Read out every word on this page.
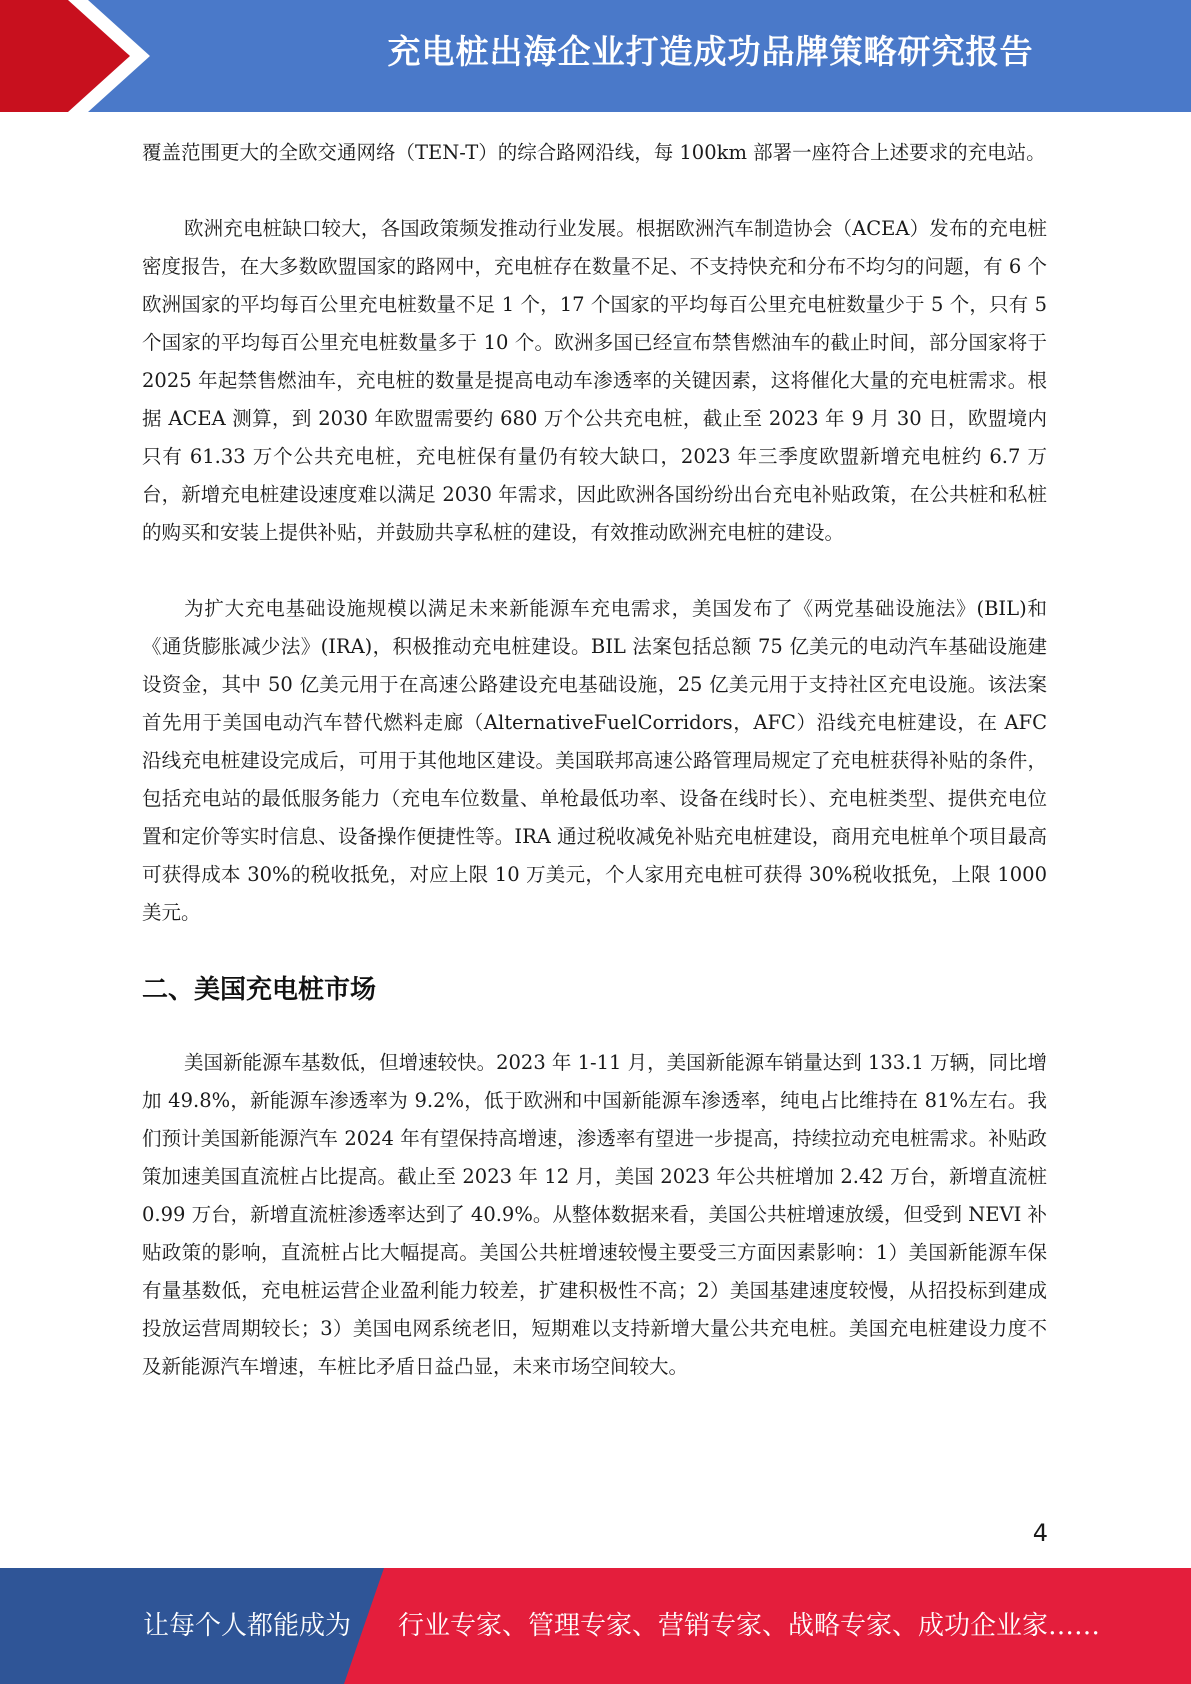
充电桩出海企业打造成功品牌策略研究报告

覆盖范围更大的全欧交通网络（TEN-T）的综合路网沿线，每 100km 部署一座符合上述要求的充电站。

欧洲充电桩缺口较大，各国政策频发推动行业发展。根据欧洲汽车制造协会（ACEA）发布的充电桩密度报告，在大多数欧盟国家的路网中，充电桩存在数量不足、不支持快充和分布不均匀的问题，有 6 个欧洲国家的平均每百公里充电桩数量不足 1 个，17 个国家的平均每百公里充电桩数量少于 5 个，只有 5 个国家的平均每百公里充电桩数量多于 10 个。欧洲多国已经宣布禁售燃油车的截止时间，部分国家将于 2025 年起禁售燃油车，充电桩的数量是提高电动车渗透率的关键因素，这将催化大量的充电桩需求。根据 ACEA 测算，到 2030 年欧盟需要约 680 万个公共充电桩，截止至 2023 年 9 月 30 日，欧盟境内只有 61.33 万个公共充电桩，充电桩保有量仍有较大缺口，2023 年三季度欧盟新增充电桩约 6.7 万台，新增充电桩建设速度难以满足 2030 年需求，因此欧洲各国纷纷出台充电补贴政策，在公共桩和私桩的购买和安装上提供补贴，并鼓励共享私桩的建设，有效推动欧洲充电桩的建设。

为扩大充电基础设施规模以满足未来新能源车充电需求，美国发布了《两党基础设施法》(BIL)和《通货膨胀减少法》(IRA)，积极推动充电桩建设。BIL 法案包括总额 75 亿美元的电动汽车基础设施建设资金，其中 50 亿美元用于在高速公路建设充电基础设施，25 亿美元用于支持社区充电设施。该法案首先用于美国电动汽车替代燃料走廊（AlternativeFuelCorridors，AFC）沿线充电桩建设，在 AFC 沿线充电桩建设完成后，可用于其他地区建设。美国联邦高速公路管理局规定了充电桩获得补贴的条件，包括充电站的最低服务能力（充电车位数量、单枪最低功率、设备在线时长）、充电桩类型、提供充电位置和定价等实时信息、设备操作便捷性等。IRA 通过税收减免补贴充电桩建设，商用充电桩单个项目最高可获得成本 30%的税收抵免，对应上限 10 万美元，个人家用充电桩可获得 30%税收抵免，上限 1000 美元。

二、美国充电桩市场

美国新能源车基数低，但增速较快。2023 年 1-11 月，美国新能源车销量达到 133.1 万辆，同比增加 49.8%，新能源车渗透率为 9.2%，低于欧洲和中国新能源车渗透率，纯电占比维持在 81%左右。我们预计美国新能源汽车 2024 年有望保持高增速，渗透率有望进一步提高，持续拉动充电桩需求。补贴政策加速美国直流桩占比提高。截止至 2023 年 12 月，美国 2023 年公共桩增加 2.42 万台，新增直流桩 0.99 万台，新增直流桩渗透率达到了 40.9%。从整体数据来看，美国公共桩增速放缓，但受到 NEVI 补贴政策的影响，直流桩占比大幅提高。美国公共桩增速较慢主要受三方面因素影响：1）美国新能源车保有量基数低，充电桩运营企业盈利能力较差，扩建积极性不高；2）美国基建速度较慢，从招投标到建成投放运营周期较长；3）美国电网系统老旧，短期难以支持新增大量公共充电桩。美国充电桩建设力度不及新能源汽车增速，车桩比矛盾日益凸显，未来市场空间较大。

4
让每个人都能成为 行业专家、管理专家、营销专家、战略专家、成功企业家……
